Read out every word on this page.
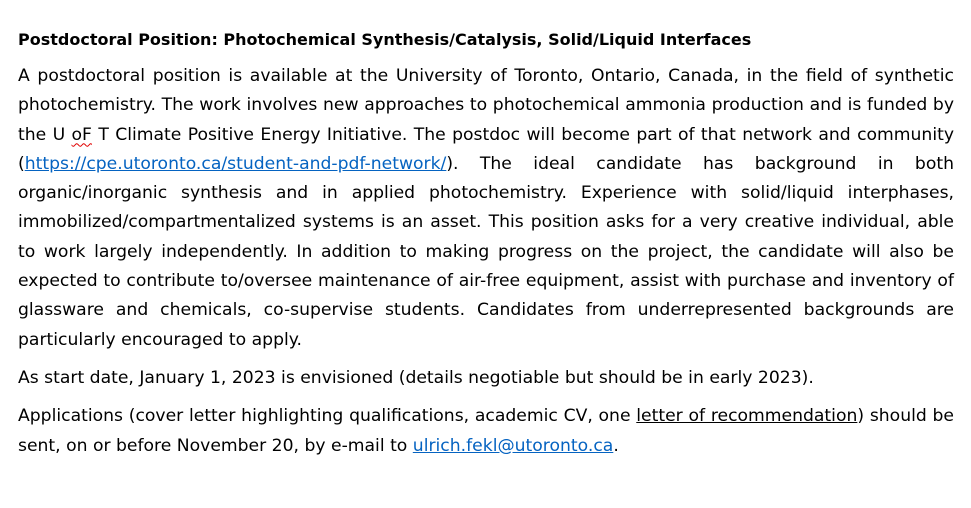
Postdoctoral Position: Photochemical Synthesis/Catalysis, Solid/Liquid Interfaces

A postdoctoral position is available at the University of Toronto, Ontario, Canada, in the field of synthetic photochemistry. The work involves new approaches to photochemical ammonia production and is funded by the U oF T Climate Positive Energy Initiative. The postdoc will become part of that network and community (https://cpe.utoronto.ca/student-and-pdf-network/). The ideal candidate has background in both organic/inorganic synthesis and in applied photochemistry. Experience with solid/liquid interphases, immobilized/compartmentalized systems is an asset. This position asks for a very creative individual, able to work largely independently. In addition to making progress on the project, the candidate will also be expected to contribute to/oversee maintenance of air-free equipment, assist with purchase and inventory of glassware and chemicals, co-supervise students. Candidates from underrepresented backgrounds are particularly encouraged to apply.

As start date, January 1, 2023 is envisioned (details negotiable but should be in early 2023).

Applications (cover letter highlighting qualifications, academic CV, one letter of recommendation) should be sent, on or before November 20, by e-mail to ulrich.fekl@utoronto.ca.
